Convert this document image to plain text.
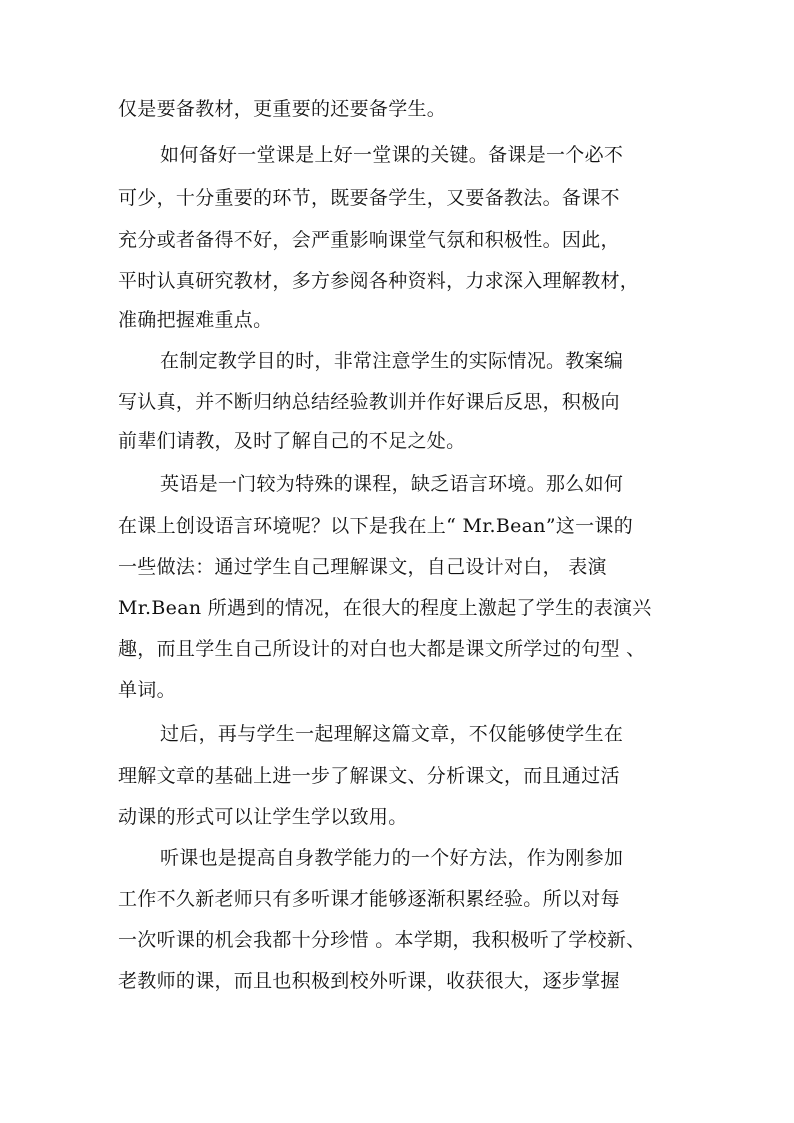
仅是要备教材，更重要的还要备学生。
如何备好一堂课是上好一堂课的关键。备课是一个必不
可少，十分重要的环节，既要备学生，又要备教法。备课不
充分或者备得不好，会严重影响课堂气氛和积极性。因此，
平时认真研究教材，多方参阅各种资料，力求深入理解教材，
准确把握难重点。
在制定教学目的时，非常注意学生的实际情况。教案编
写认真，并不断归纳总结经验教训并作好课后反思，积极向
前辈们请教，及时了解自己的不足之处。
英语是一门较为特殊的课程，缺乏语言环境。那么如何
在课上创设语言环境呢？以下是我在上“ Mr.Bean”这一课的
一些做法：通过学生自己理解课文，自己设计对白， 表演
Mr.Bean 所遇到的情况，在很大的程度上激起了学生的表演兴
趣，而且学生自己所设计的对白也大都是课文所学过的句型 、
单词。
过后，再与学生一起理解这篇文章，不仅能够使学生在
理解文章的基础上进一步了解课文、分析课文，而且通过活
动课的形式可以让学生学以致用。
听课也是提高自身教学能力的一个好方法，作为刚参加
工作不久新老师只有多听课才能够逐渐积累经验。所以对每
一次听课的机会我都十分珍惜 。本学期，我积极听了学校新、
老教师的课，而且也积极到校外听课，收获很大，逐步掌握
